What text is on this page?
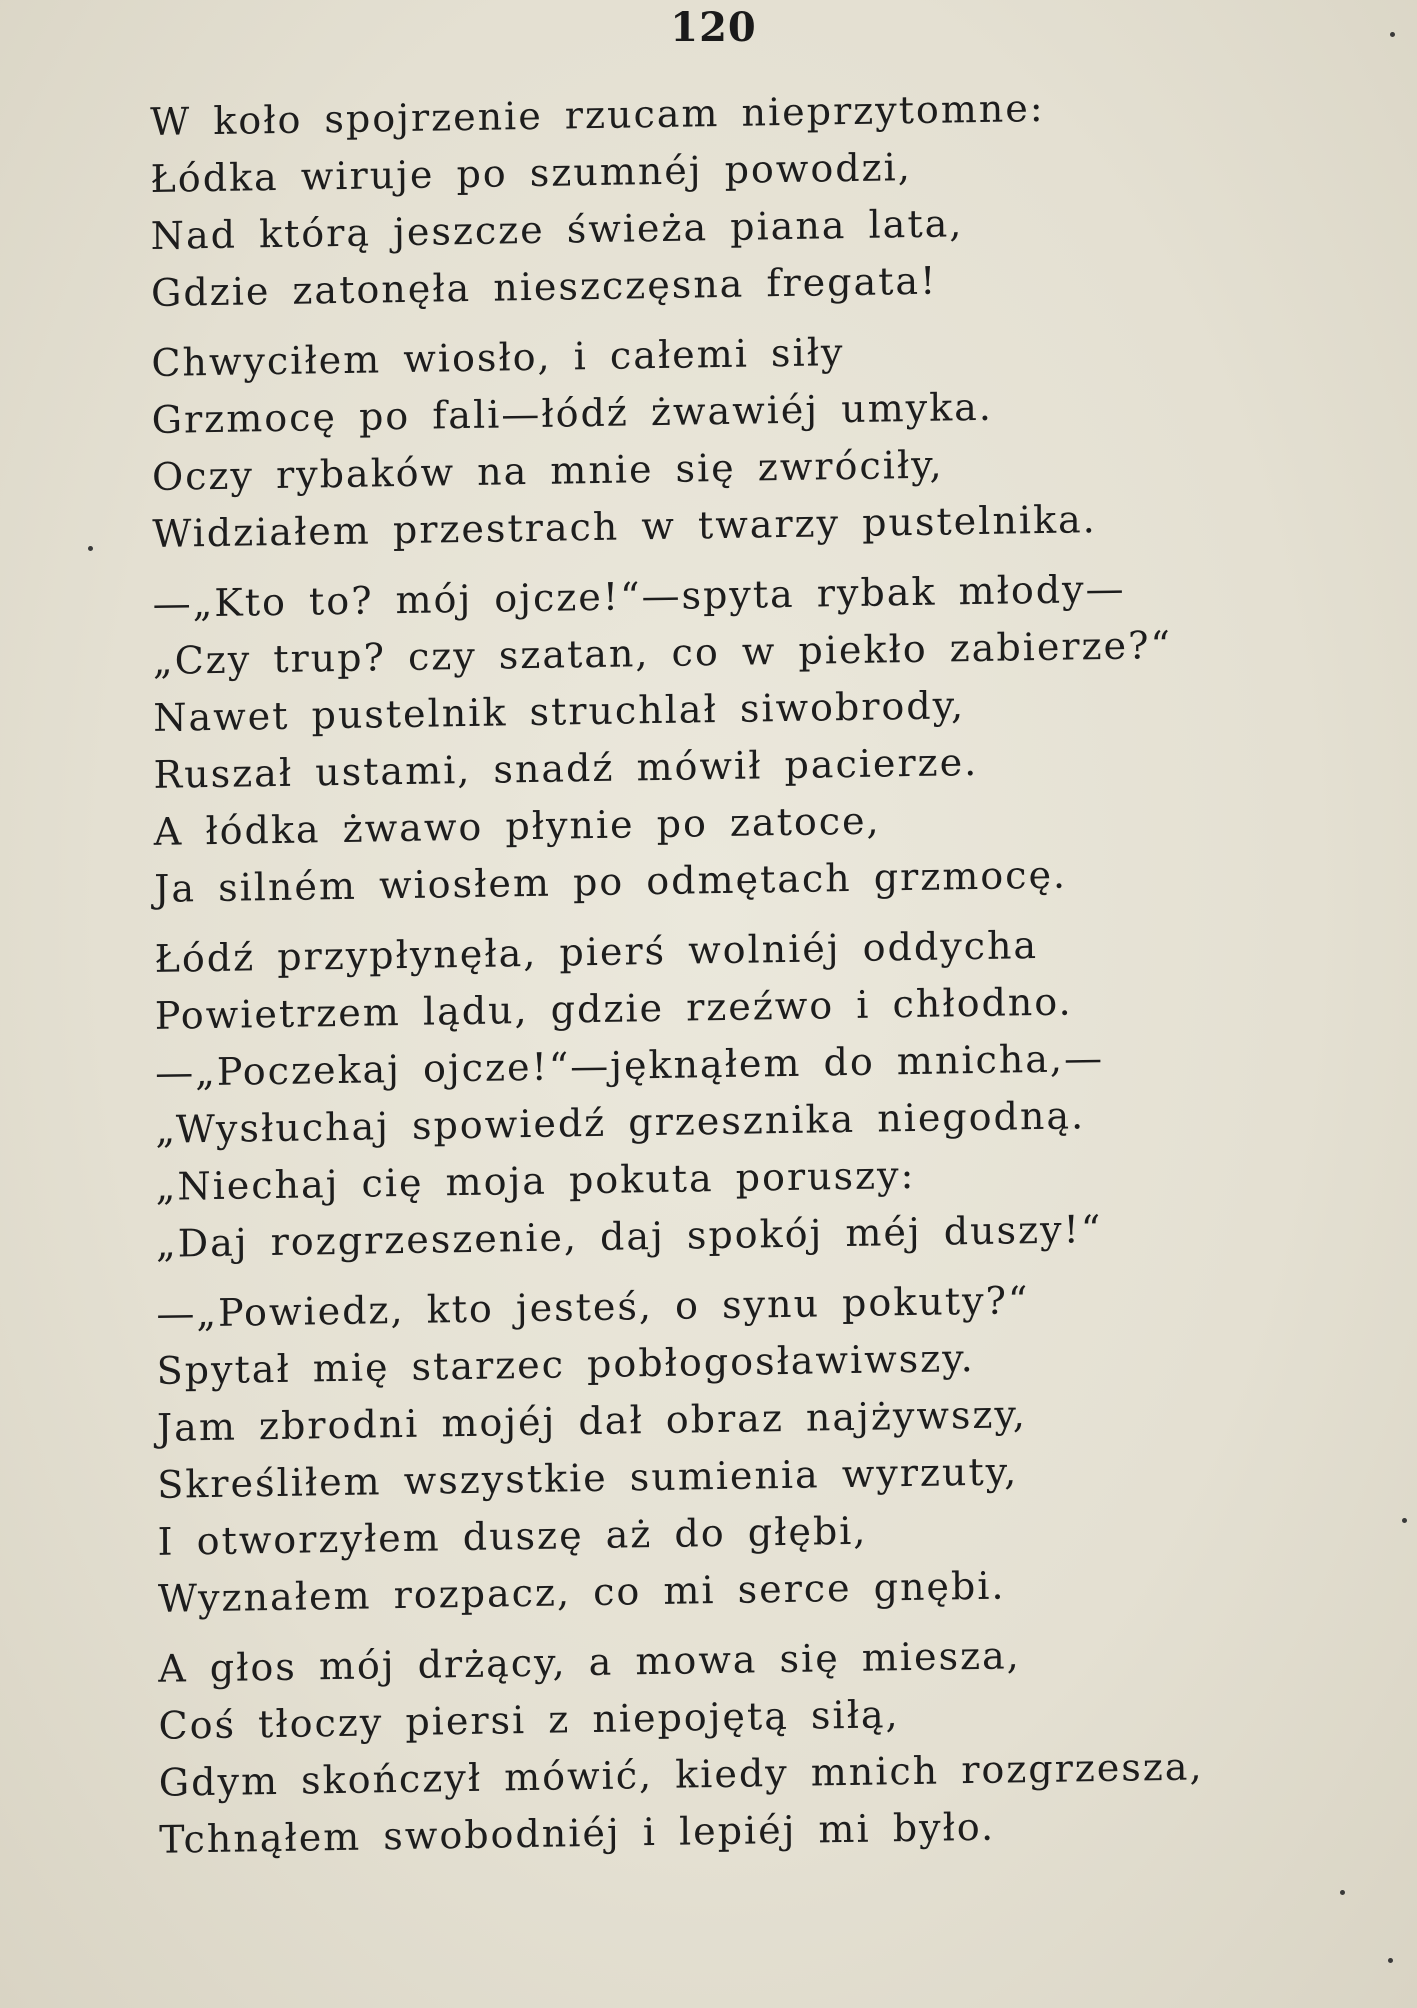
120
W koło spojrzenie rzucam nieprzytomne:
Łódka wiruje po szumnéj powodzi,
Nad którą jeszcze świeża piana lata,
Gdzie zatonęła nieszczęsna fregata!
Chwyciłem wiosło, i całemi siły
Grzmocę po fali—łódź żwawiéj umyka.
Oczy rybaków na mnie się zwróciły,
Widziałem przestrach w twarzy pustelnika.
—„Kto to? mój ojcze!“—spyta rybak młody—
„Czy trup? czy szatan, co w piekło zabierze?“
Nawet pustelnik struchlał siwobrody,
Ruszał ustami, snadź mówił pacierze.
A łódka żwawo płynie po zatoce,
Ja silném wiosłem po odmętach grzmocę.
Łódź przypłynęła, pierś wolniéj oddycha
Powietrzem lądu, gdzie rzeźwo i chłodno.
—„Poczekaj ojcze!“—jęknąłem do mnicha,—
„Wysłuchaj spowiedź grzesznika niegodną.
„Niechaj cię moja pokuta poruszy:
„Daj rozgrzeszenie, daj spokój méj duszy!“
—„Powiedz, kto jesteś, o synu pokuty?“
Spytał mię starzec pobłogosławiwszy.
Jam zbrodni mojéj dał obraz najżywszy,
Skreśliłem wszystkie sumienia wyrzuty,
I otworzyłem duszę aż do głębi,
Wyznałem rozpacz, co mi serce gnębi.
A głos mój drżący, a mowa się miesza,
Coś tłoczy piersi z niepojętą siłą,
Gdym skończył mówić, kiedy mnich rozgrzesza,
Tchnąłem swobodniéj i lepiéj mi było.
